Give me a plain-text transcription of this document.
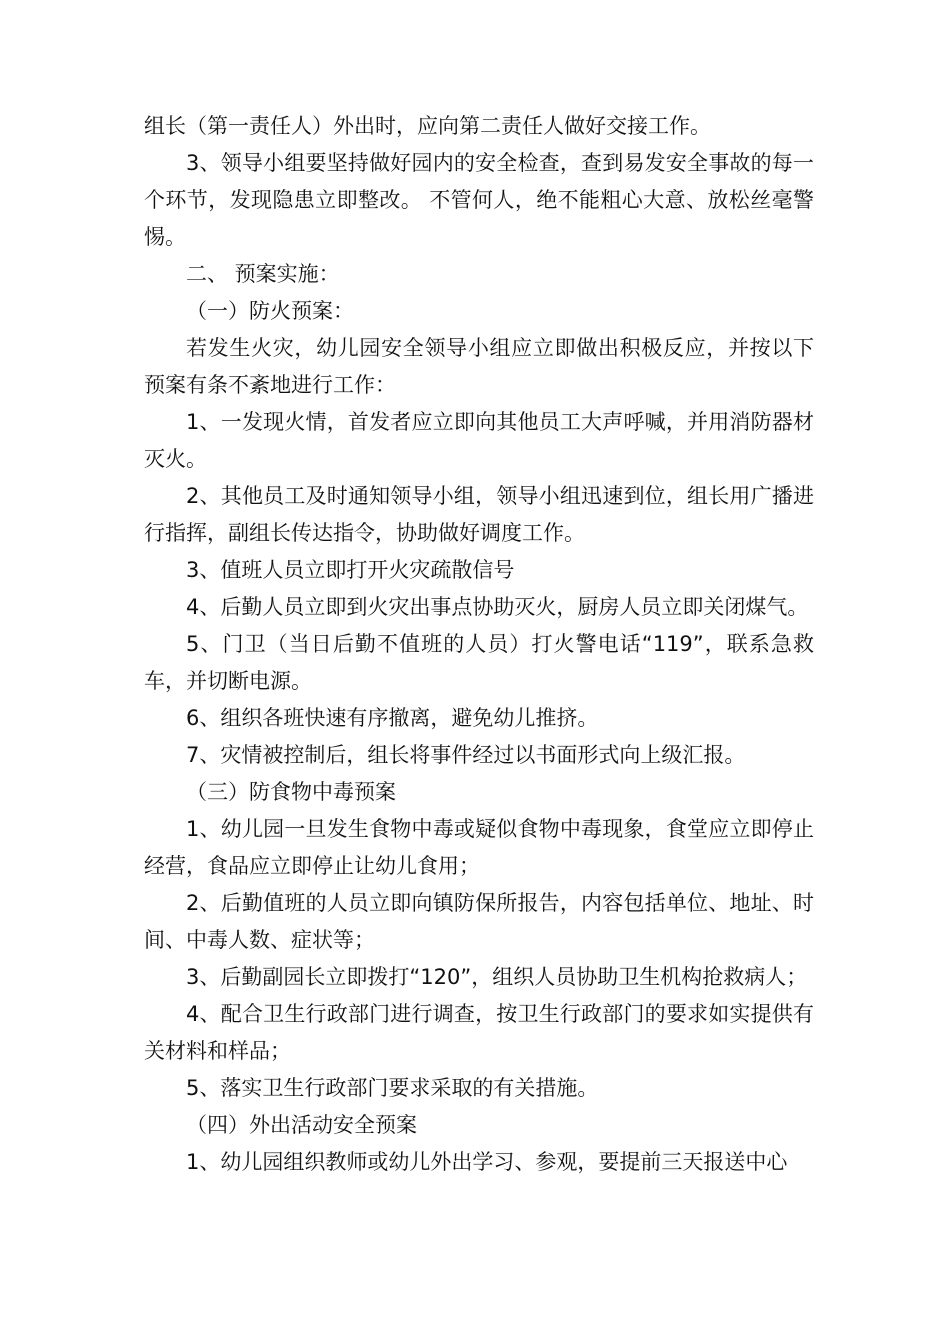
组长（第一责任人）外出时，应向第二责任人做好交接工作。

3、领导小组要坚持做好园内的安全检查，查到易发安全事故的每一个环节，发现隐患立即整改。 不管何人，绝不能粗心大意、放松丝毫警惕。

二、 预案实施：

（一）防火预案：

若发生火灾，幼儿园安全领导小组应立即做出积极反应，并按以下预案有条不紊地进行工作：

1、一发现火情，首发者应立即向其他员工大声呼喊，并用消防器材灭火。

2、其他员工及时通知领导小组，领导小组迅速到位，组长用广播进行指挥，副组长传达指令，协助做好调度工作。

3、值班人员立即打开火灾疏散信号

4、后勤人员立即到火灾出事点协助灭火，厨房人员立即关闭煤气。

5、门卫（当日后勤不值班的人员）打火警电话“119”，联系急救车，并切断电源。

6、组织各班快速有序撤离，避免幼儿推挤。

7、灾情被控制后，组长将事件经过以书面形式向上级汇报。

（三）防食物中毒预案

1、幼儿园一旦发生食物中毒或疑似食物中毒现象，食堂应立即停止经营，食品应立即停止让幼儿食用；

2、后勤值班的人员立即向镇防保所报告，内容包括单位、地址、时间、中毒人数、症状等；

3、后勤副园长立即拨打“120”，组织人员协助卫生机构抢救病人；

4、配合卫生行政部门进行调查，按卫生行政部门的要求如实提供有关材料和样品；

5、落实卫生行政部门要求采取的有关措施。

（四）外出活动安全预案

1、幼儿园组织教师或幼儿外出学习、参观，要提前三天报送中心
